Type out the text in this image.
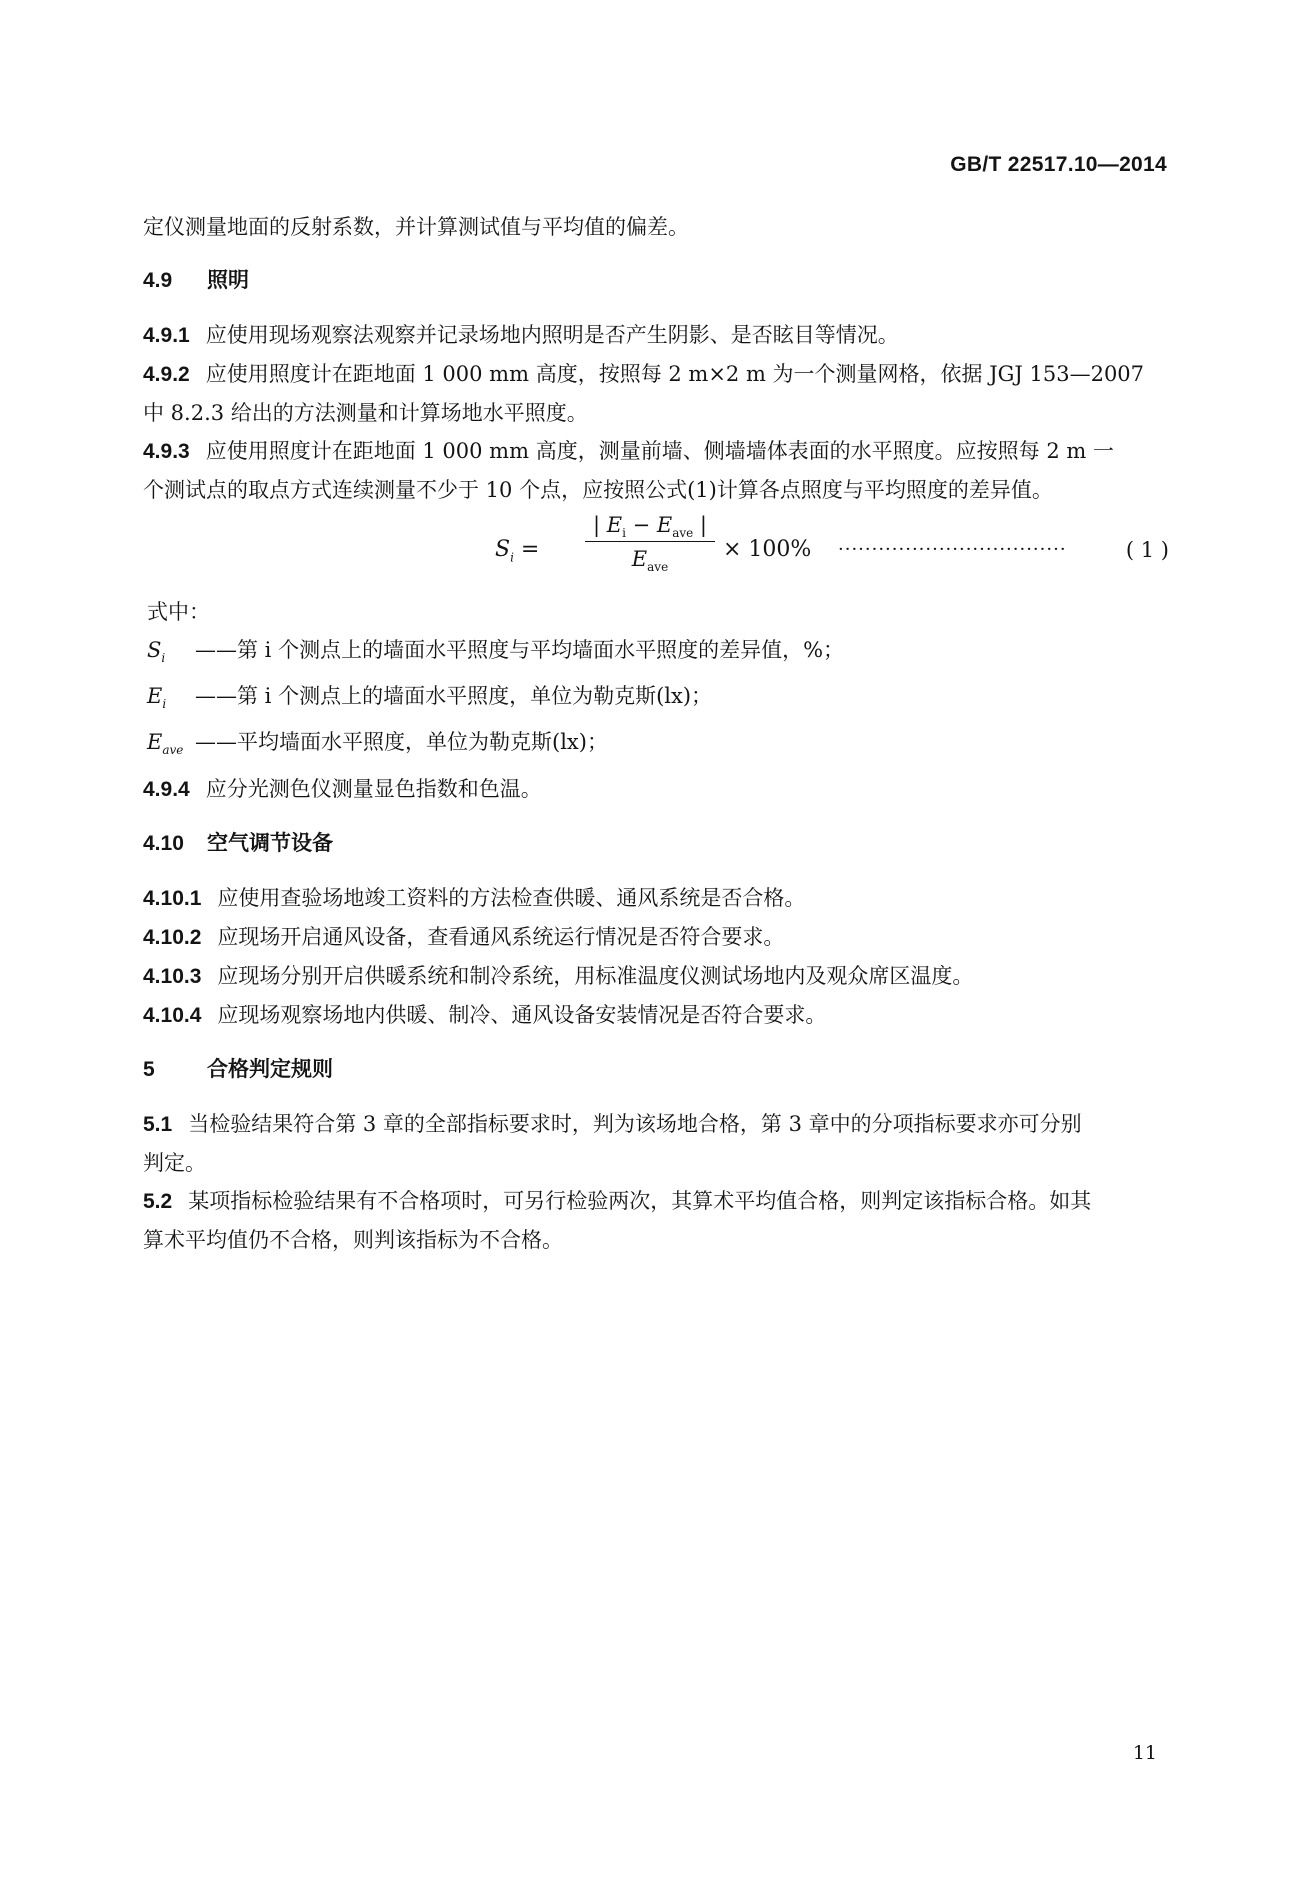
GB/T 22517.10—2014

定仪测量地面的反射系数，并计算测试值与平均值的偏差。

4.9 照明

4.9.1 应使用现场观察法观察并记录场地内照明是否产生阴影、是否眩目等情况。

4.9.2 应使用照度计在距地面 1 000 mm 高度，按照每 2 m×2 m 为一个测量网格，依据 JGJ 153—2007

中 8.2.3 给出的方法测量和计算场地水平照度。

4.9.3 应使用照度计在距地面 1 000 mm 高度，测量前墙、侧墙墙体表面的水平照度。应按照每 2 m 一

个测试点的取点方式连续测量不少于 10 个点，应按照公式(1)计算各点照度与平均照度的差异值。

$S_i$ =
| $E_i - E_{ave}$ |
$E_{ave}$
× 100% ··································	( 1 )

式中：

$S_i$ ——第 i 个测点上的墙面水平照度与平均墙面水平照度的差异值，%；

$E_i$ ——第 i 个测点上的墙面水平照度，单位为勒克斯(lx)；

$E_{ave}$ ——平均墙面水平照度，单位为勒克斯(lx)；

4.9.4 应分光测色仪测量显色指数和色温。

4.10 空气调节设备

4.10.1 应使用查验场地竣工资料的方法检查供暖、通风系统是否合格。

4.10.2 应现场开启通风设备，查看通风系统运行情况是否符合要求。

4.10.3 应现场分别开启供暖系统和制冷系统，用标准温度仪测试场地内及观众席区温度。

4.10.4 应现场观察场地内供暖、制冷、通风设备安装情况是否符合要求。

5 合格判定规则

5.1 当检验结果符合第 3 章的全部指标要求时，判为该场地合格，第 3 章中的分项指标要求亦可分别

判定。

5.2 某项指标检验结果有不合格项时，可另行检验两次，其算术平均值合格，则判定该指标合格。如其

算术平均值仍不合格，则判该指标为不合格。

11
